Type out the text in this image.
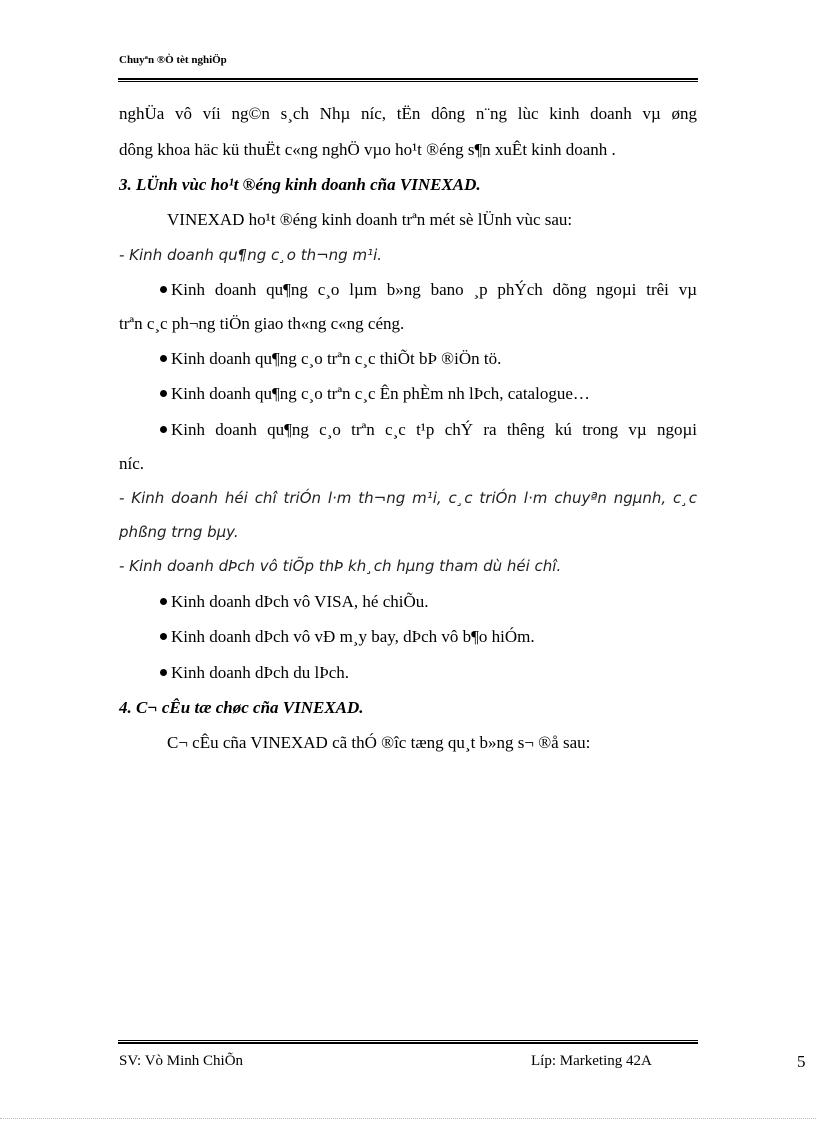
Chuyªn ®Ò tèt nghiÖp
nghÜa vô víi ng©n s¸ch Nhµ níc, tËn dông n¨ng lùc kinh doanh vµ øng
dông khoa häc kü thuËt c«ng nghÖ vµo ho¹t ®éng s¶n xuÊt kinh doanh .
3. LÜnh vùc ho¹t ®éng kinh doanh cña VINEXAD.
VINEXAD ho¹t ®éng kinh doanh trªn mét sè lÜnh vùc sau:
- Kinh doanh qu¶ng c¸o th¬ng m¹i.
Kinh doanh qu¶ng c¸o lµm b»ng bano ¸p phÝch dõng ngoµi trêi vµ
trªn c¸c ph¬ng tiÖn giao th«ng c«ng céng.
Kinh doanh qu¶ng c¸o trªn c¸c thiÕt bÞ ®iÖn tö.
Kinh doanh qu¶ng c¸o trªn c¸c Ên phÈm nh lÞch, catalogue…
Kinh doanh qu¶ng c¸o trªn c¸c t¹p chÝ ra thêng kú trong vµ ngoµi
níc.
- Kinh doanh héi chî triÓn l·m th¬ng m¹i, c¸c triÓn l·m chuyªn ngµnh, c¸c
phßng trng bµy.
- Kinh doanh dÞch vô tiÕp thÞ kh¸ch hµng tham dù héi chî.
Kinh doanh dÞch vô VISA, hé chiÕu.
Kinh doanh dÞch vô vÐ m¸y bay, dÞch vô b¶o hiÓm.
Kinh doanh dÞch du lÞch.
4. C¬ cÊu tæ chøc cña VINEXAD.
C¬ cÊu cña VINEXAD cã thÓ ®îc tæng qu¸t b»ng s¬ ®å sau:
SV: Vò Minh ChiÕn	Líp: Marketing 42A	5
